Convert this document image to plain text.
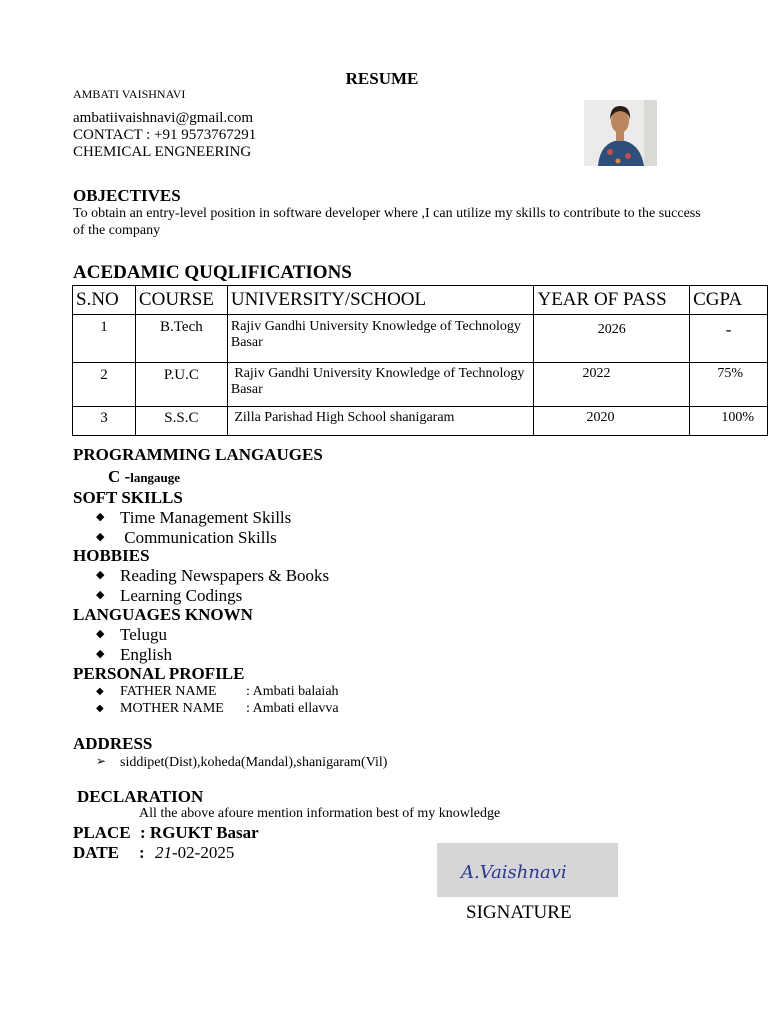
RESUME
AMBATI VAISHNAVI
ambatiivaishnavi@gmail.com
CONTACT : +91 9573767291
CHEMICAL ENGNEERING
OBJECTIVES
To obtain an entry-level position in software developer where ,I can utilize my skills to contribute to the success of the company
ACEDAMIC QUQLIFICATIONS
S.NO	COURSE	UNIVERSITY/SCHOOL	YEAR OF PASS	CGPA
1	B.Tech	Rajiv Gandhi University Knowledge of Technology Basar	2026	-
2	P.U.C	Rajiv Gandhi University Knowledge of Technology Basar	2022	75%
3	S.S.C	Zilla Parishad High School shanigaram	2020	100%
PROGRAMMING LANGAUGES
C -langauge
SOFT SKILLS
◆ Time Management Skills
◆ Communication Skills
HOBBIES
◆ Reading Newspapers & Books
◆ Learning Codings
LANGUAGES KNOWN
◆ Telugu
◆ English
PERSONAL PROFILE
◆ FATHER NAME : Ambati balaiah
◆ MOTHER NAME : Ambati ellavva
ADDRESS
➢ siddipet(Dist),koheda(Mandal),shanigaram(Vil)
DECLARATION
All the above afoure mention information best of my knowledge
PLACE : RGUKT Basar
DATE : 21-02-2025
A.Vaishnavi
SIGNATURE
